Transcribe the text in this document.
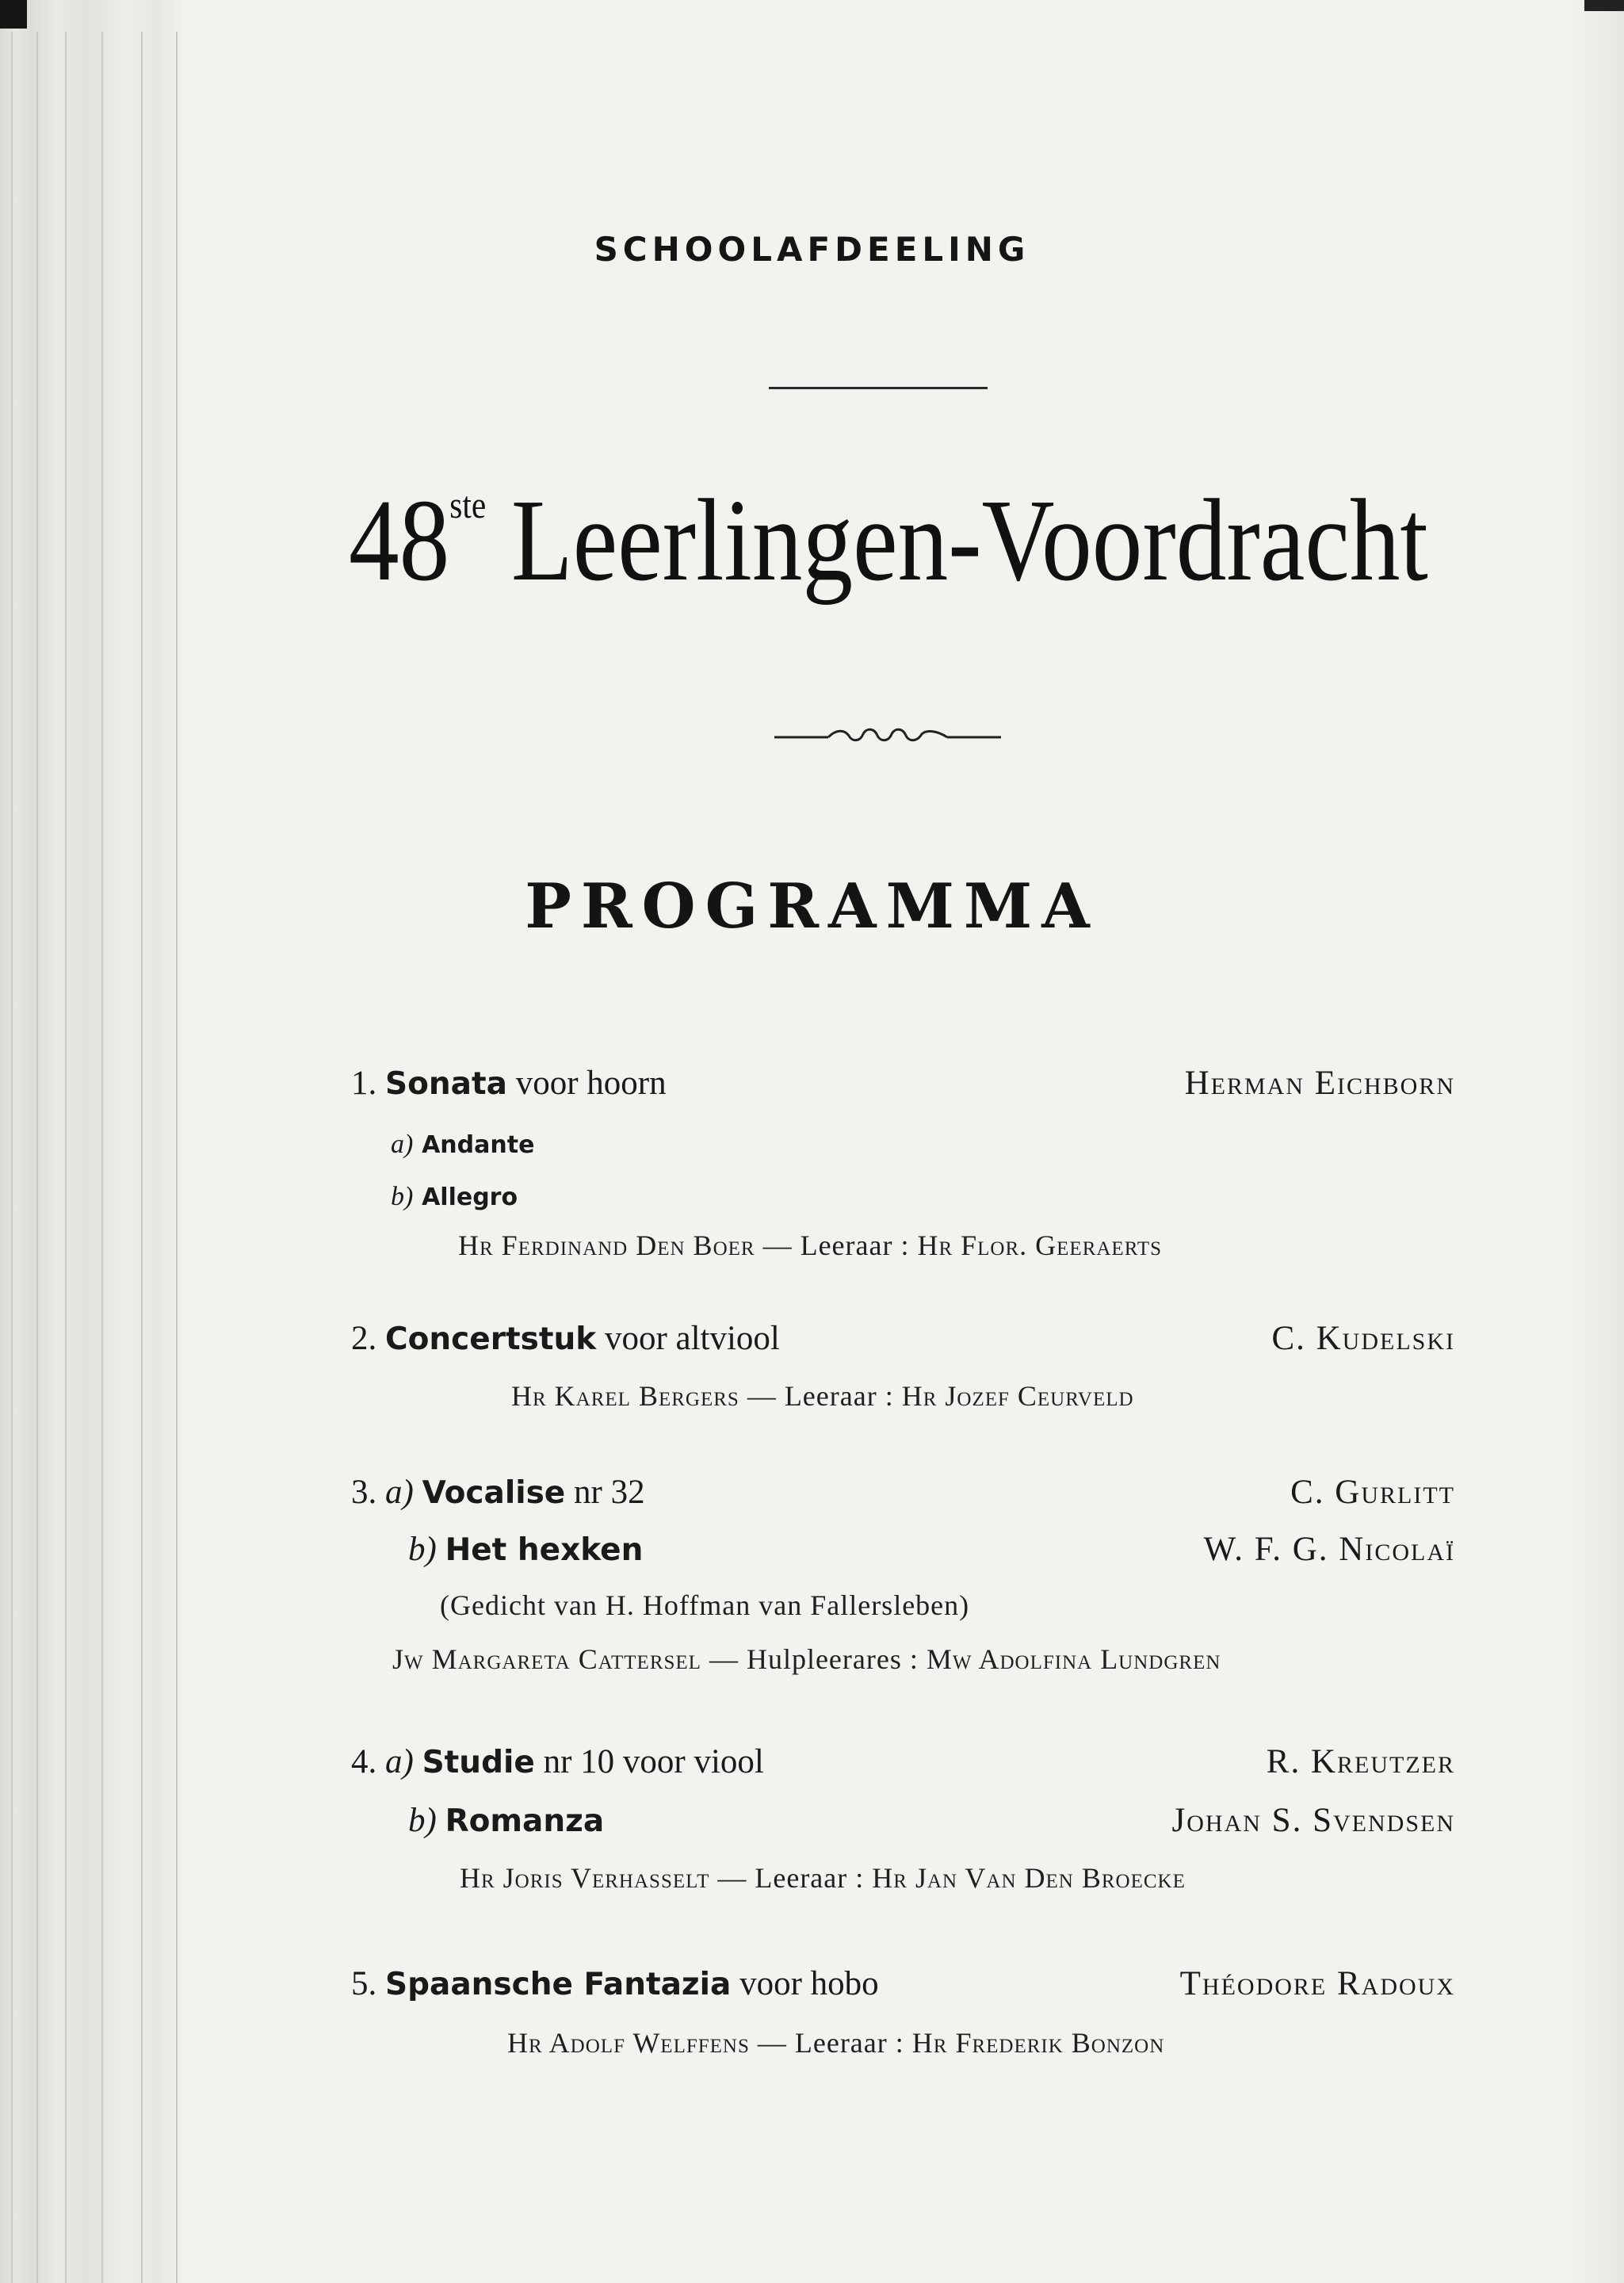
SCHOOLAFDEELING
48ste Leerlingen-Voordracht
PROGRAMMA
1. Sonata voor hoorn	Herman Eichborn
a) Andante
b) Allegro
Hr Ferdinand Den Boer — Leeraar : Hr Flor. Geeraerts
2. Concertstuk voor altviool	C. Kudelski
Hr Karel Bergers — Leeraar : Hr Jozef Ceurveld
3. a) Vocalise nr 32	C. Gurlitt
b) Het hexken	W. F. G. Nicolaï
(Gedicht van H. Hoffman van Fallersleben)
Jw Margareta Cattersel — Hulpleerares : Mw Adolfina Lundgren
4. a) Studie nr 10 voor viool	R. Kreutzer
b) Romanza	Johan S. Svendsen
Hr Joris Verhasselt — Leeraar : Hr Jan Van Den Broecke
5. Spaansche Fantazia voor hobo	Théodore Radoux
Hr Adolf Welffens — Leeraar : Hr Frederik Bonzon
